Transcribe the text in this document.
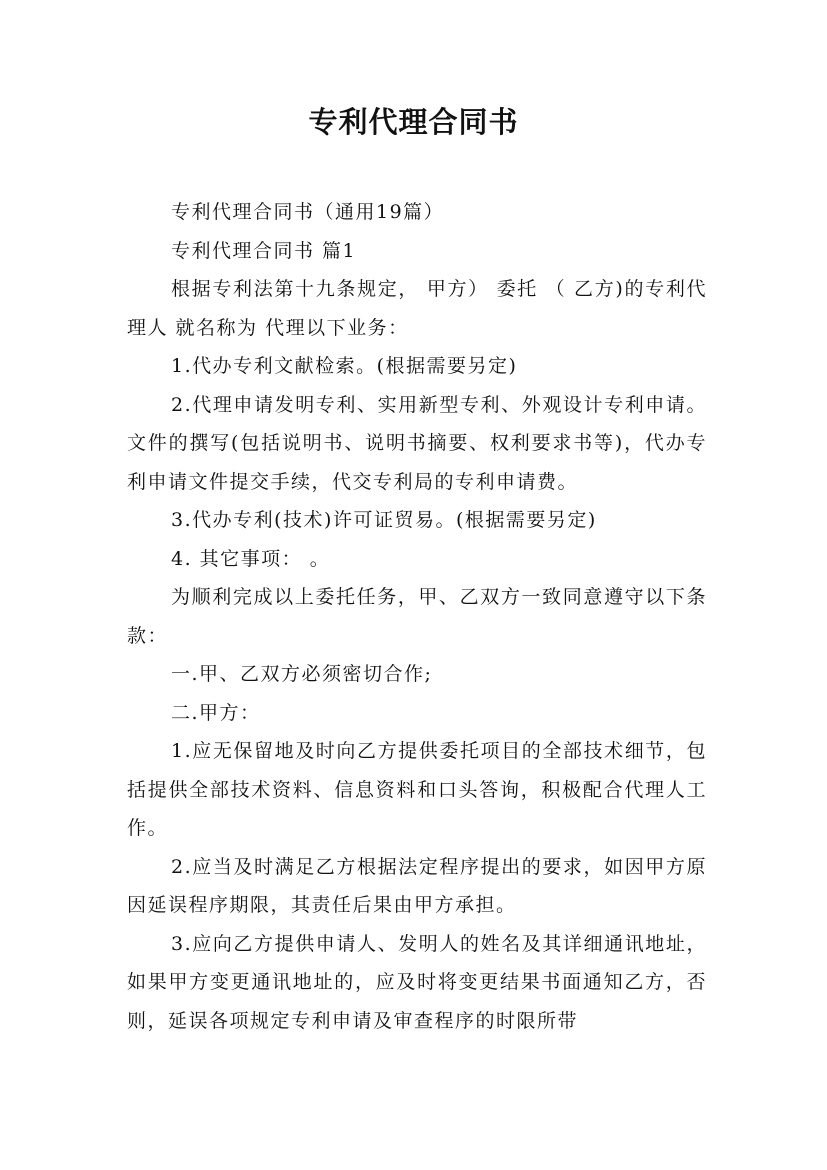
专利代理合同书

专利代理合同书（通用19篇）

专利代理合同书 篇1

根据专利法第十九条规定， 甲方） 委托 （ 乙方)的专利代理人 就名称为 代理以下业务：

1.代办专利文献检索。(根据需要另定)

2.代理申请发明专利、实用新型专利、外观设计专利申请。文件的撰写(包括说明书、说明书摘要、权利要求书等)，代办专利申请文件提交手续，代交专利局的专利申请费。

3.代办专利(技术)许可证贸易。(根据需要另定)

4. 其它事项： 。

为顺利完成以上委托任务，甲、乙双方一致同意遵守以下条款：

一.甲、乙双方必须密切合作;

二.甲方：

1.应无保留地及时向乙方提供委托项目的全部技术细节，包括提供全部技术资料、信息资料和口头答询，积极配合代理人工作。

2.应当及时满足乙方根据法定程序提出的要求，如因甲方原因延误程序期限，其责任后果由甲方承担。

3.应向乙方提供申请人、发明人的姓名及其详细通讯地址，如果甲方变更通讯地址的，应及时将变更结果书面通知乙方，否则，延误各项规定专利申请及审查程序的时限所带
